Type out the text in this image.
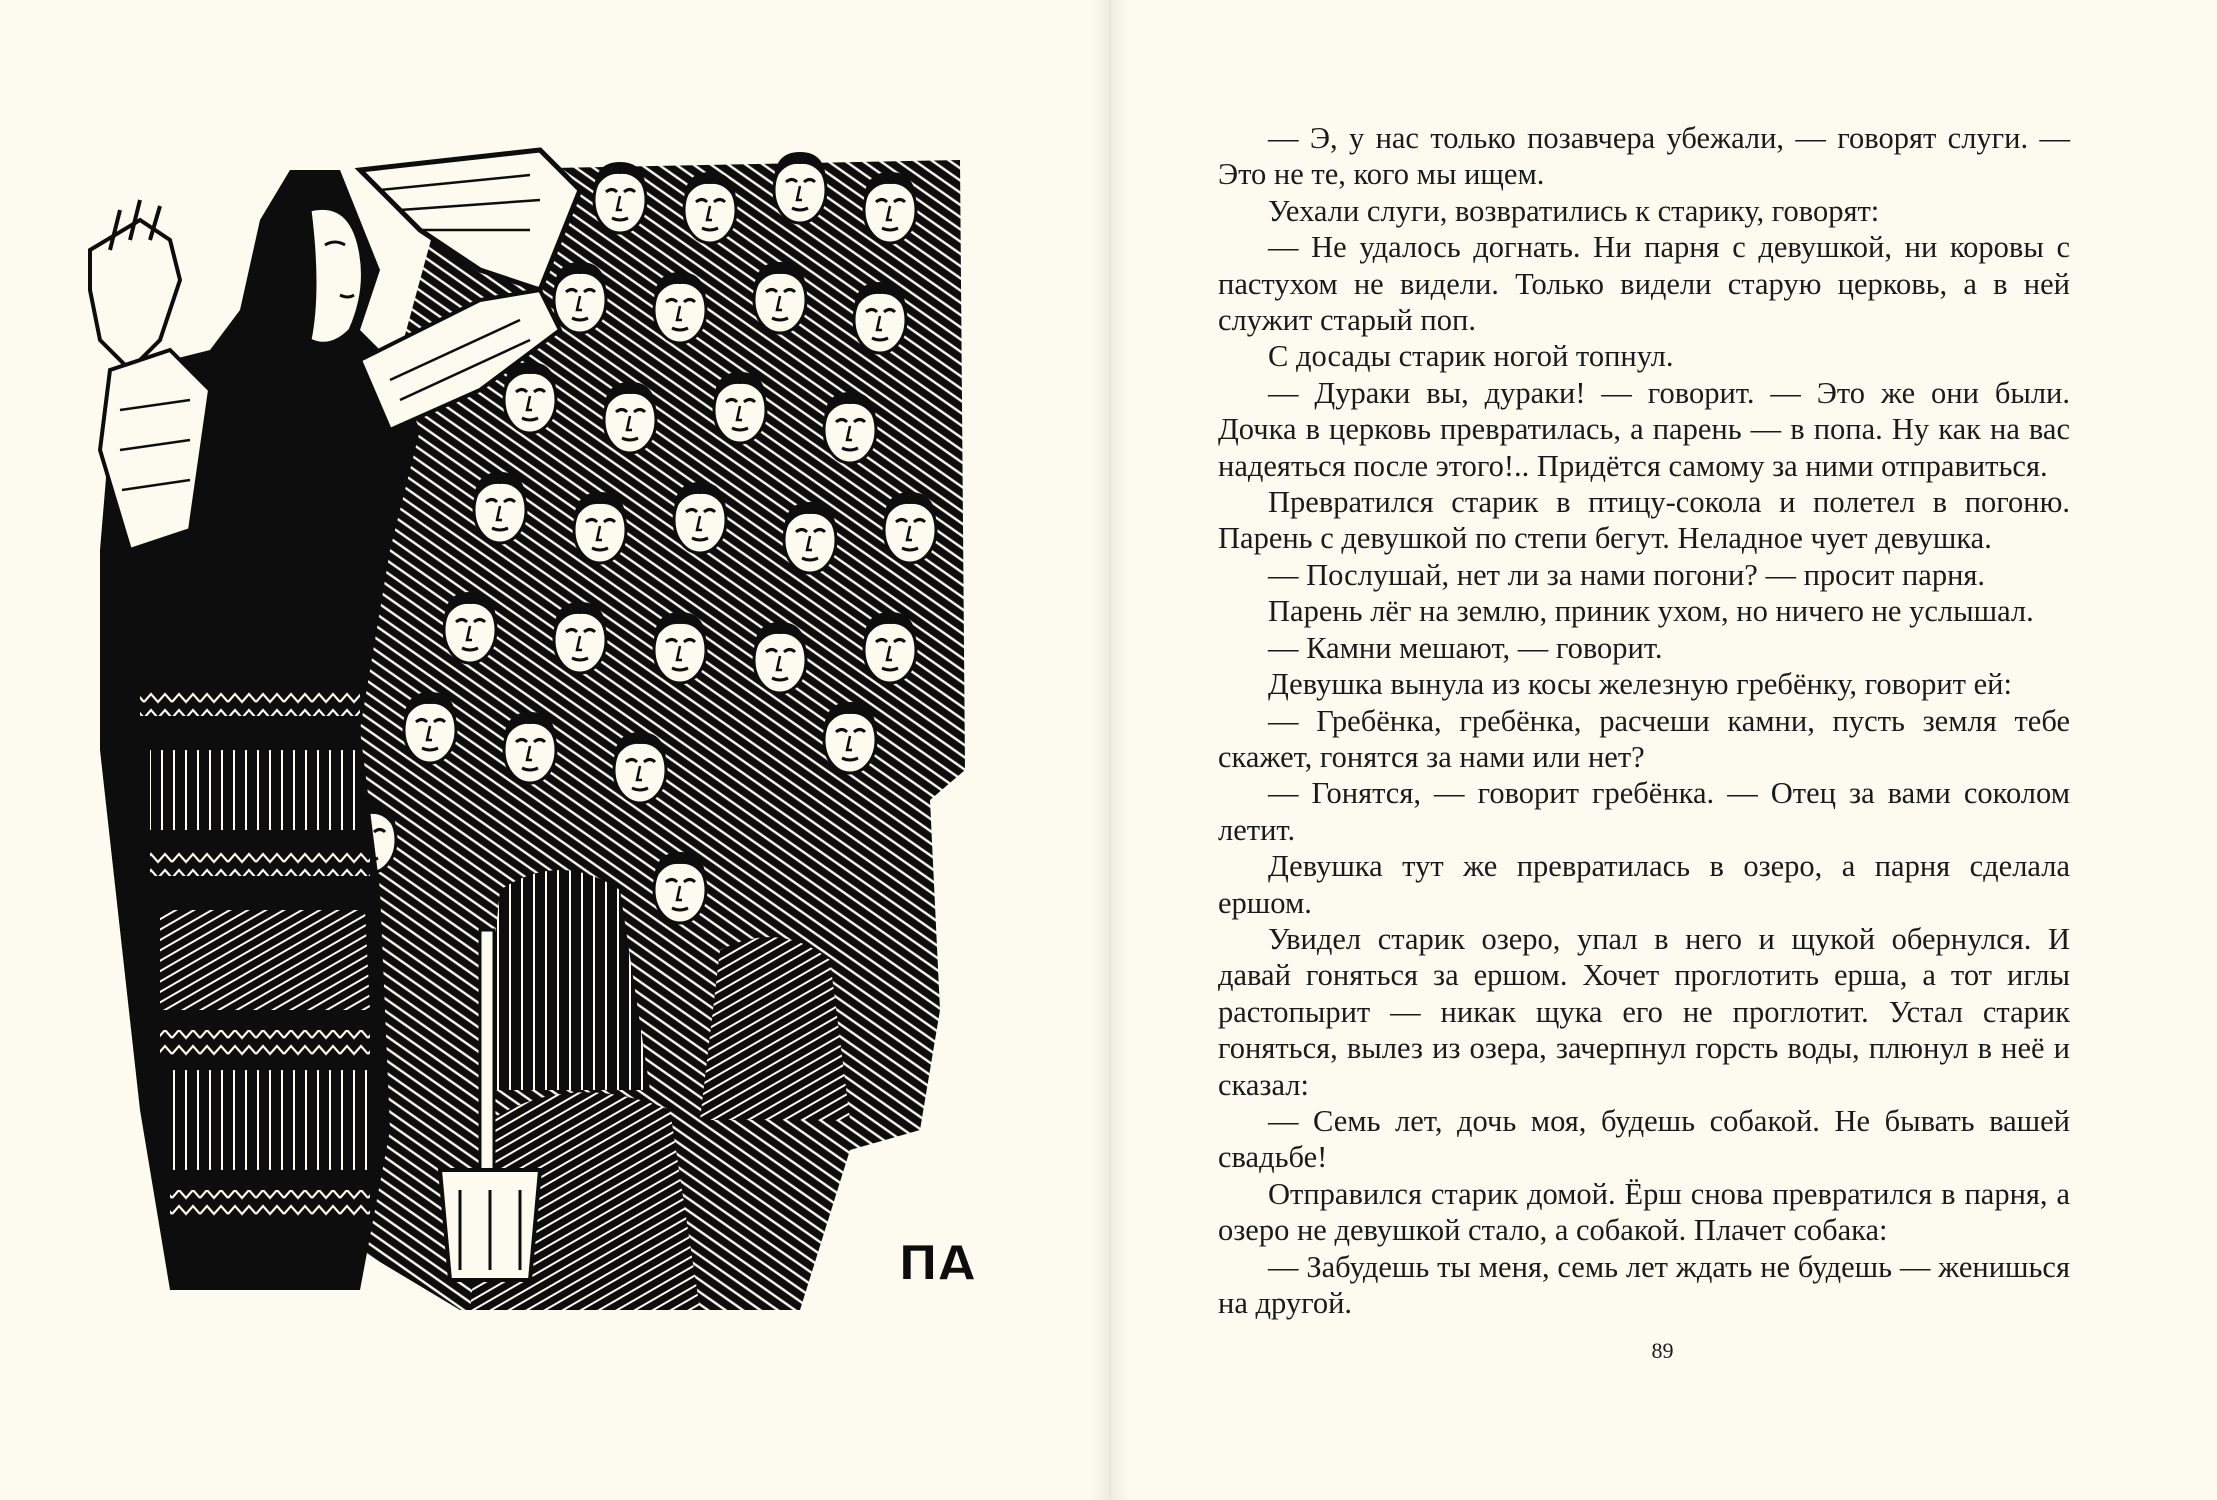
ПА

— Э, у нас только позавчера убежали, — говорят слуги. — Это не те, кого мы ищем.

Уехали слуги, возвратились к старику, говорят:

— Не удалось догнать. Ни парня с девушкой, ни коровы с пастухом не видели. Только видели старую церковь, а в ней служит старый поп.

С досады старик ногой топнул.

— Дураки вы, дураки! — говорит. — Это же они были. Дочка в церковь превратилась, а парень — в попа. Ну как на вас надеяться после этого!.. Придётся самому за ними отправиться.

Превратился старик в птицу-сокола и полетел в погоню. Парень с девушкой по степи бегут. Неладное чует девушка.

— Послушай, нет ли за нами погони? — просит парня.

Парень лёг на землю, приник ухом, но ничего не услышал.

— Камни мешают, — говорит.

Девушка вынула из косы железную гребёнку, говорит ей:

— Гребёнка, гребёнка, расчеши камни, пусть земля тебе скажет, гонятся за нами или нет?

— Гонятся, — говорит гребёнка. — Отец за вами соколом летит.

Девушка тут же превратилась в озеро, а парня сделала ершом.

Увидел старик озеро, упал в него и щукой обернулся. И давай гоняться за ершом. Хочет проглотить ерша, а тот иглы растопырит — никак щука его не проглотит. Устал старик гоняться, вылез из озера, зачерпнул горсть воды, плюнул в неё и сказал:

— Семь лет, дочь моя, будешь собакой. Не бывать вашей свадьбе!

Отправился старик домой. Ёрш снова превратился в парня, а озеро не девушкой стало, а собакой. Плачет собака:

— Забудешь ты меня, семь лет ждать не будешь — женишься на другой.

89
